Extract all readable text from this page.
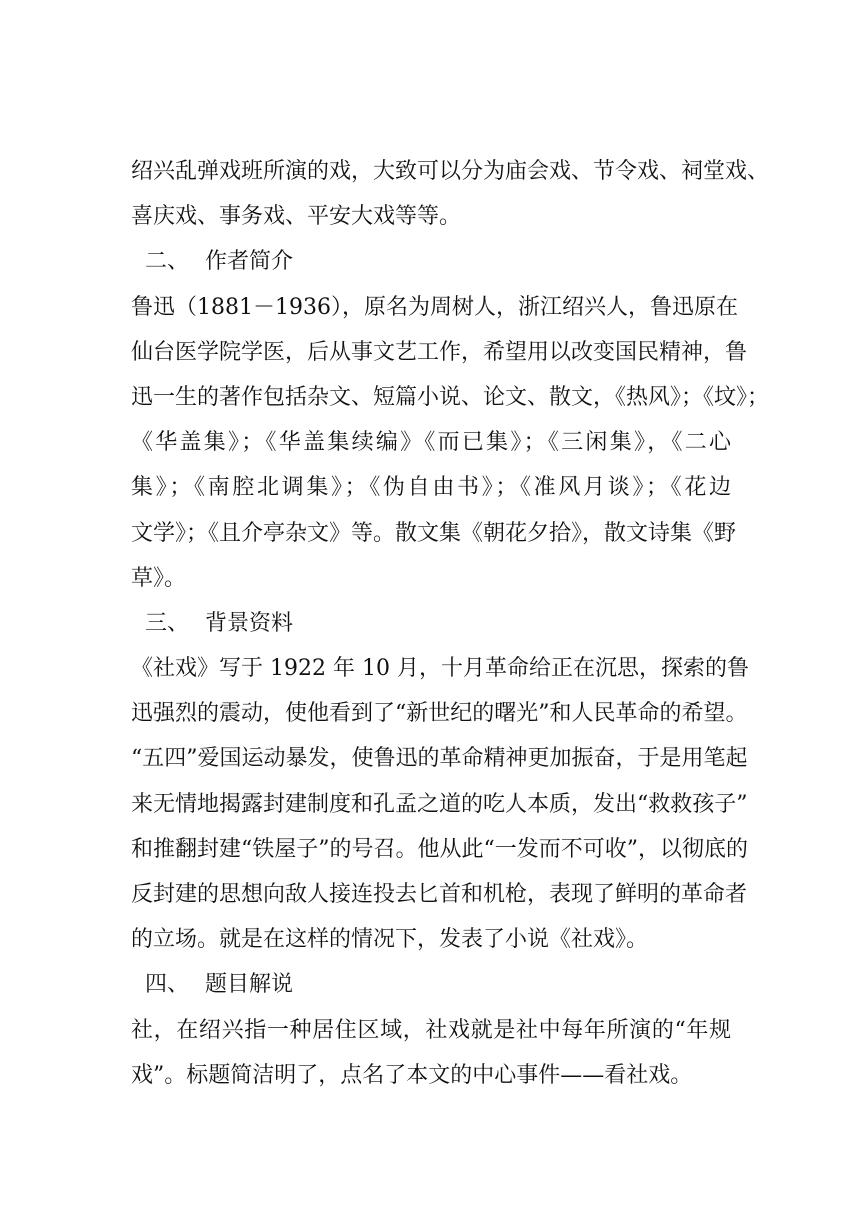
绍兴乱弹戏班所演的戏，大致可以分为庙会戏、节令戏、祠堂戏、
喜庆戏、事务戏、平安大戏等等。
二、 作者简介
鲁迅（1881－1936），原名为周树人，浙江绍兴人，鲁迅原在
仙台医学院学医，后从事文艺工作，希望用以改变国民精神，鲁
迅一生的著作包括杂文、短篇小说、论文、散文，《热风》；《坟》；
《华盖集》；《华盖集续编》《而已集》；《三闲集》，《二心
集》；《南腔北调集》；《伪自由书》；《准风月谈》；《花边
文学》；《且介亭杂文》等。散文集《朝花夕拾》，散文诗集《野
草》。
三、 背景资料
《社戏》写于 1922 年 10 月，十月革命给正在沉思，探索的鲁
迅强烈的震动，使他看到了“新世纪的曙光”和人民革命的希望。
“五四”爱国运动暴发，使鲁迅的革命精神更加振奋，于是用笔起
来无情地揭露封建制度和孔孟之道的吃人本质，发出“救救孩子”
和推翻封建“铁屋子”的号召。他从此“一发而不可收”，以彻底的
反封建的思想向敌人接连投去匕首和机枪，表现了鲜明的革命者
的立场。就是在这样的情况下，发表了小说《社戏》。
四、 题目解说
社，在绍兴指一种居住区域，社戏就是社中每年所演的“年规
戏”。标题简洁明了，点名了本文的中心事件——看社戏。
